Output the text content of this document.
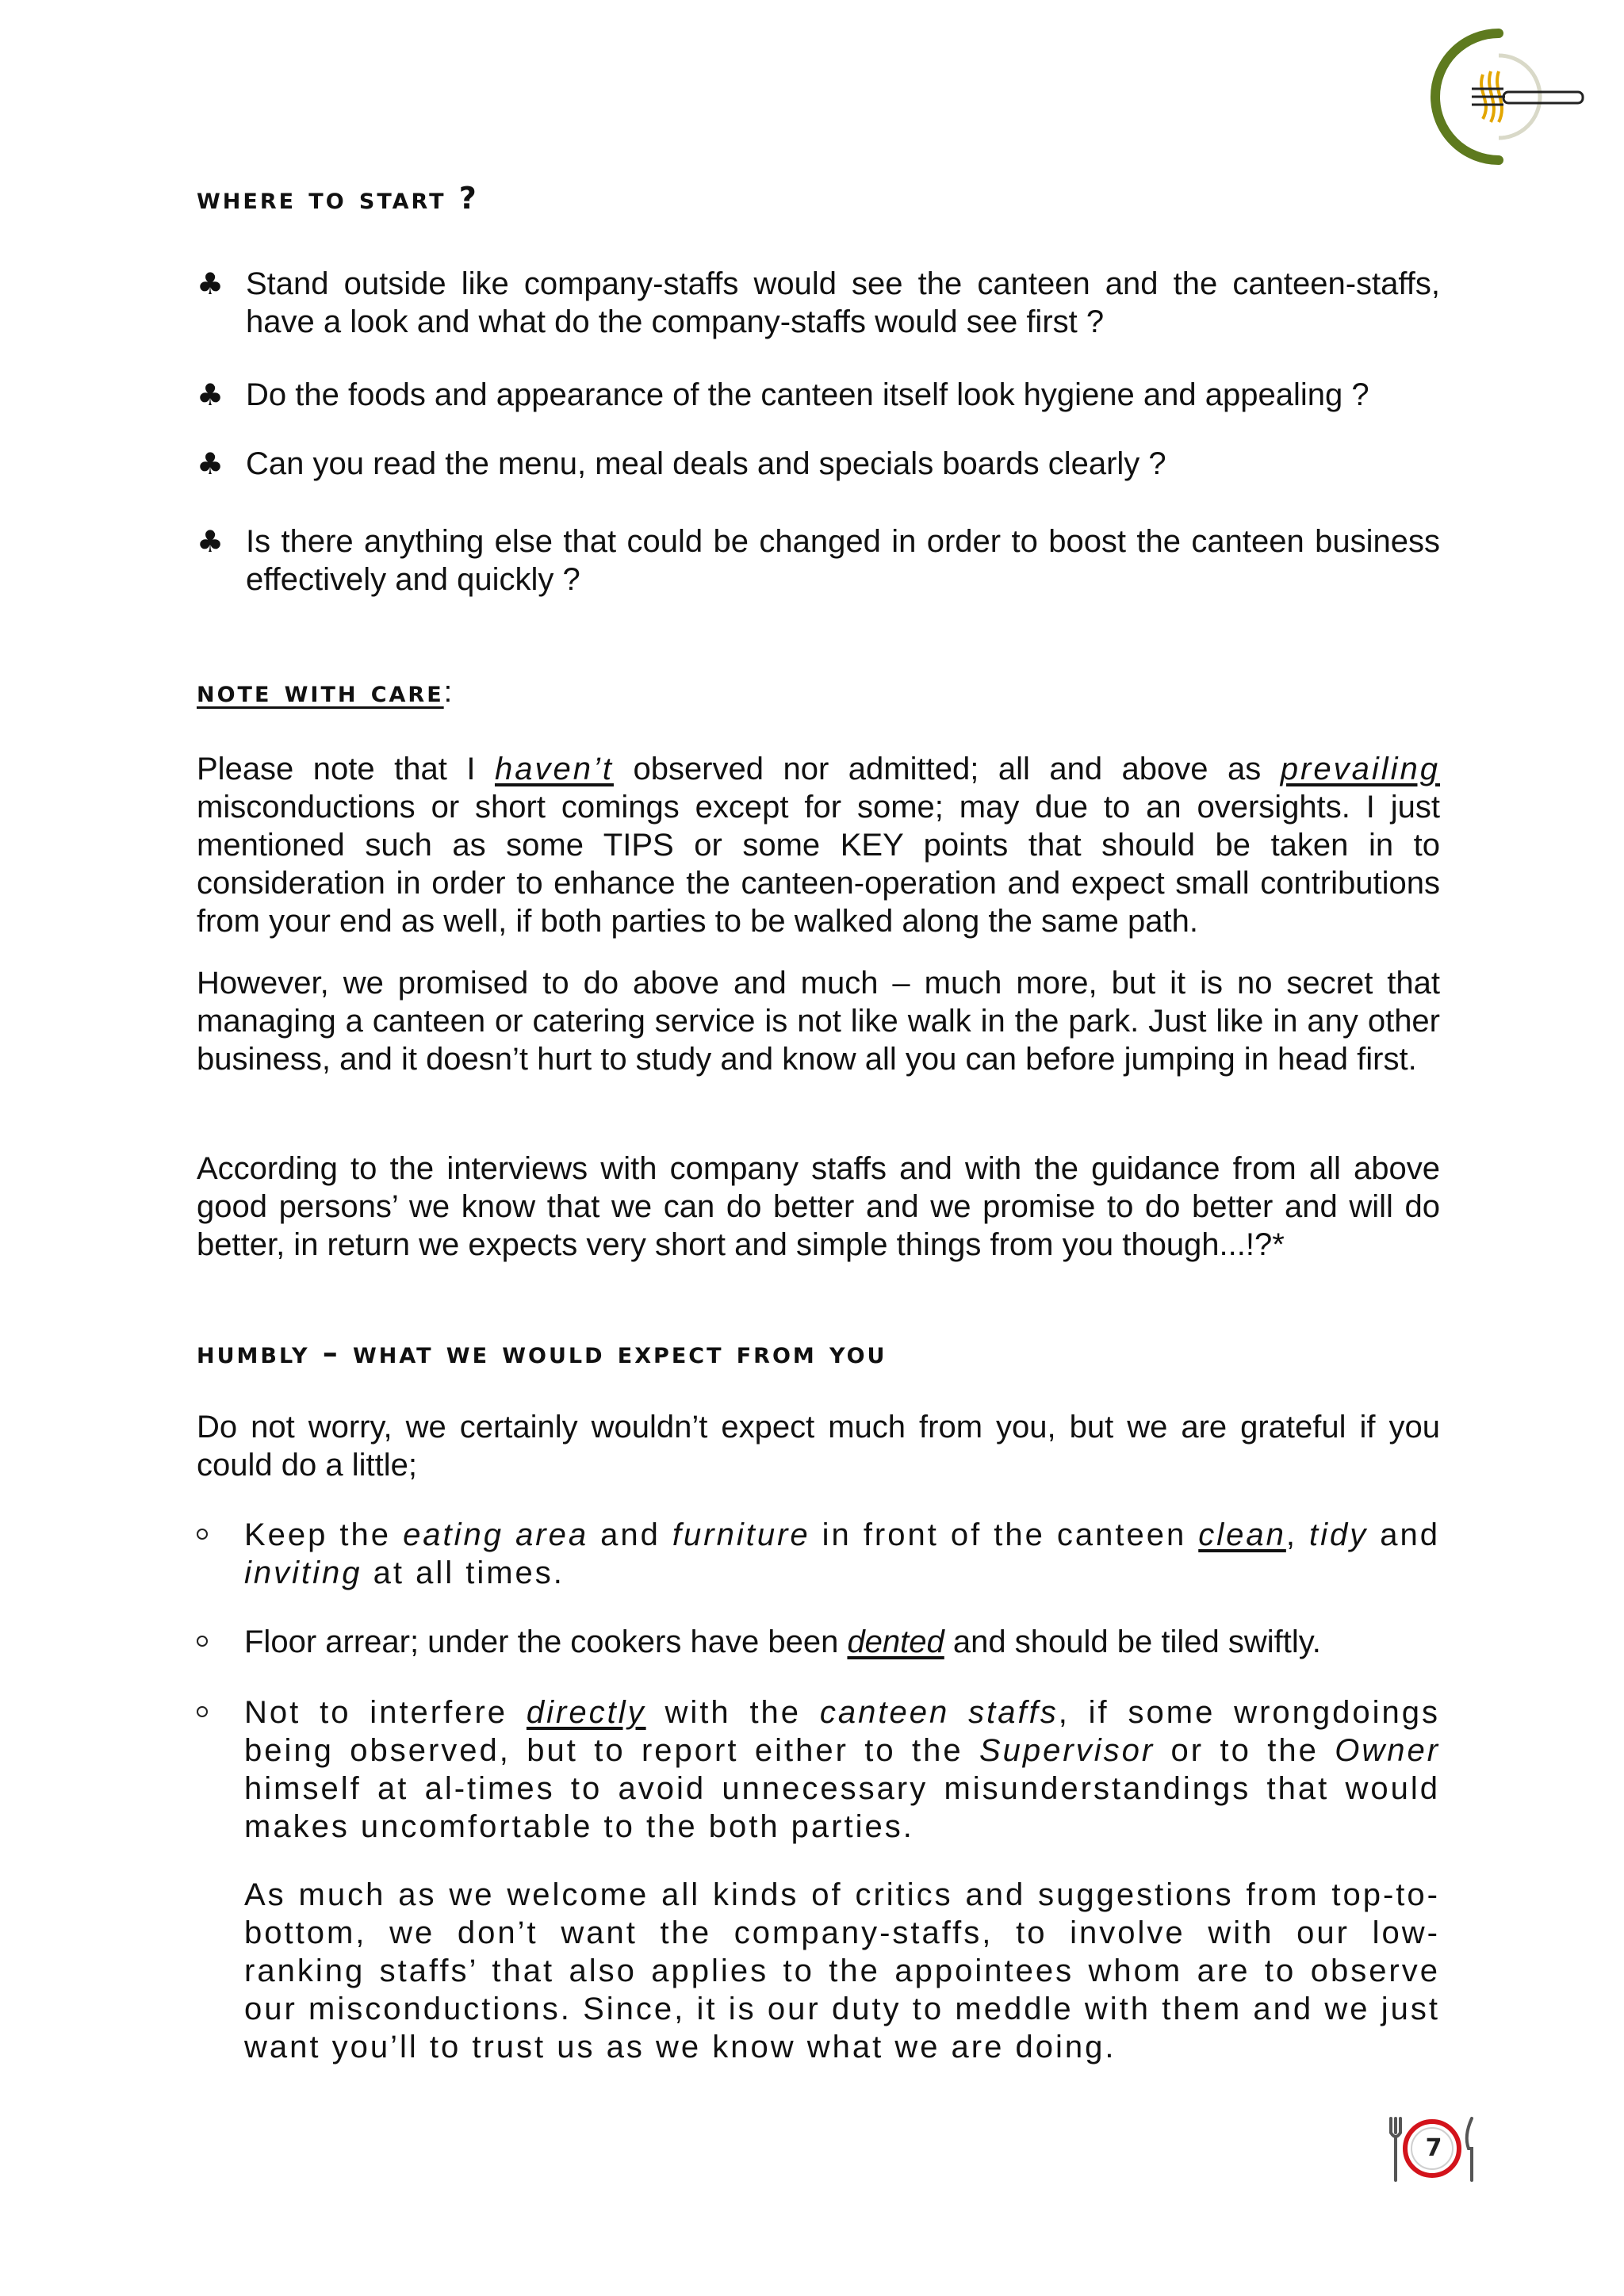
where to start ?
♣ Stand outside like company-staffs would see the canteen and the canteen-staffs, have a look and what do the company-staffs would see first ?
♣ Do the foods and appearance of the canteen itself look hygiene and appealing ?
♣ Can you read the menu, meal deals and specials boards clearly ?
♣ Is there anything else that could be changed in order to boost the canteen business effectively and quickly ?
note with care:
Please note that I haven’t observed nor admitted; all and above as prevailing misconductions or short comings except for some; may due to an oversights. I just mentioned such as some TIPS or some KEY points that should be taken in to consideration in order to enhance the canteen-operation and expect small contributions from your end as well, if both parties to be walked along the same path.
However, we promised to do above and much – much more, but it is no secret that managing a canteen or catering service is not like walk in the park. Just like in any other business, and it doesn’t hurt to study and know all you can before jumping in head first.
According to the interviews with company staffs and with the guidance from all above good persons’ we know that we can do better and we promise to do better and will do better, in return we expects very short and simple things from you though...!?*
humbly – what we would expect from you
Do not worry, we certainly wouldn’t expect much from you, but we are grateful if you could do a little;
Keep the eating area and furniture in front of the canteen clean, tidy and inviting at all times.
Floor arrear; under the cookers have been dented and should be tiled swiftly.
Not to interfere directly with the canteen staffs, if some wrongdoings being observed, but to report either to the Supervisor or to the Owner himself at al-times to avoid unnecessary misunderstandings that would makes uncomfortable to the both parties.
As much as we welcome all kinds of critics and suggestions from top-to-bottom, we don’t want the company-staffs, to involve with our low-ranking staffs’ that also applies to the appointees whom are to observe our misconductions. Since, it is our duty to meddle with them and we just want you’ll to trust us as we know what we are doing.
7
